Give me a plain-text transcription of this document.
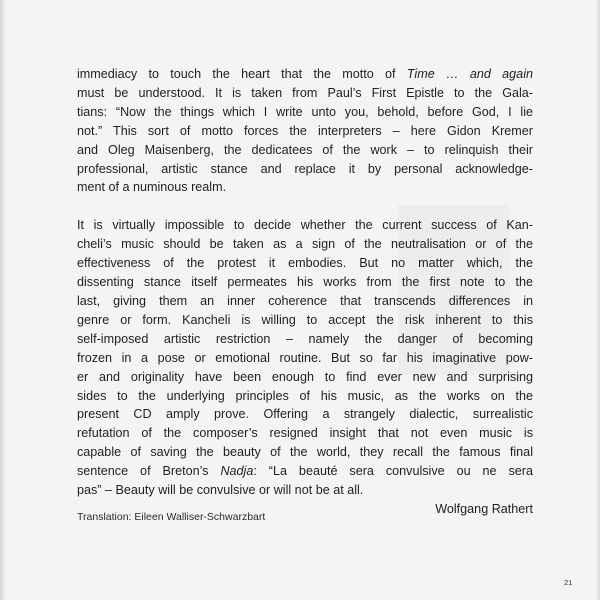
immediacy to touch the heart that the motto of Time … and again
must be understood. It is taken from Paul’s First Epistle to the Gala-
tians: “Now the things which I write unto you, behold, before God, I lie
not.” This sort of motto forces the interpreters – here Gidon Kremer
and Oleg Maisenberg, the dedicatees of the work – to relinquish their
professional, artistic stance and replace it by personal acknowledge-
ment of a numinous realm.

It is virtually impossible to decide whether the current success of Kan-
cheli’s music should be taken as a sign of the neutralisation or of the
effectiveness of the protest it embodies. But no matter which, the
dissenting stance itself permeates his works from the first note to the
last, giving them an inner coherence that transcends differences in
genre or form. Kancheli is willing to accept the risk inherent to this
self-imposed artistic restriction – namely the danger of becoming
frozen in a pose or emotional routine. But so far his imaginative pow-
er and originality have been enough to find ever new and surprising
sides to the underlying principles of his music, as the works on the
present CD amply prove. Offering a strangely dialectic, surrealistic
refutation of the composer’s resigned insight that not even music is
capable of saving the beauty of the world, they recall the famous final
sentence of Breton’s Nadja: “La beauté sera convulsive ou ne sera
pas” – Beauty will be convulsive or will not be at all.

Wolfgang Rathert

Translation: Eileen Walliser-Schwarzbart

21
